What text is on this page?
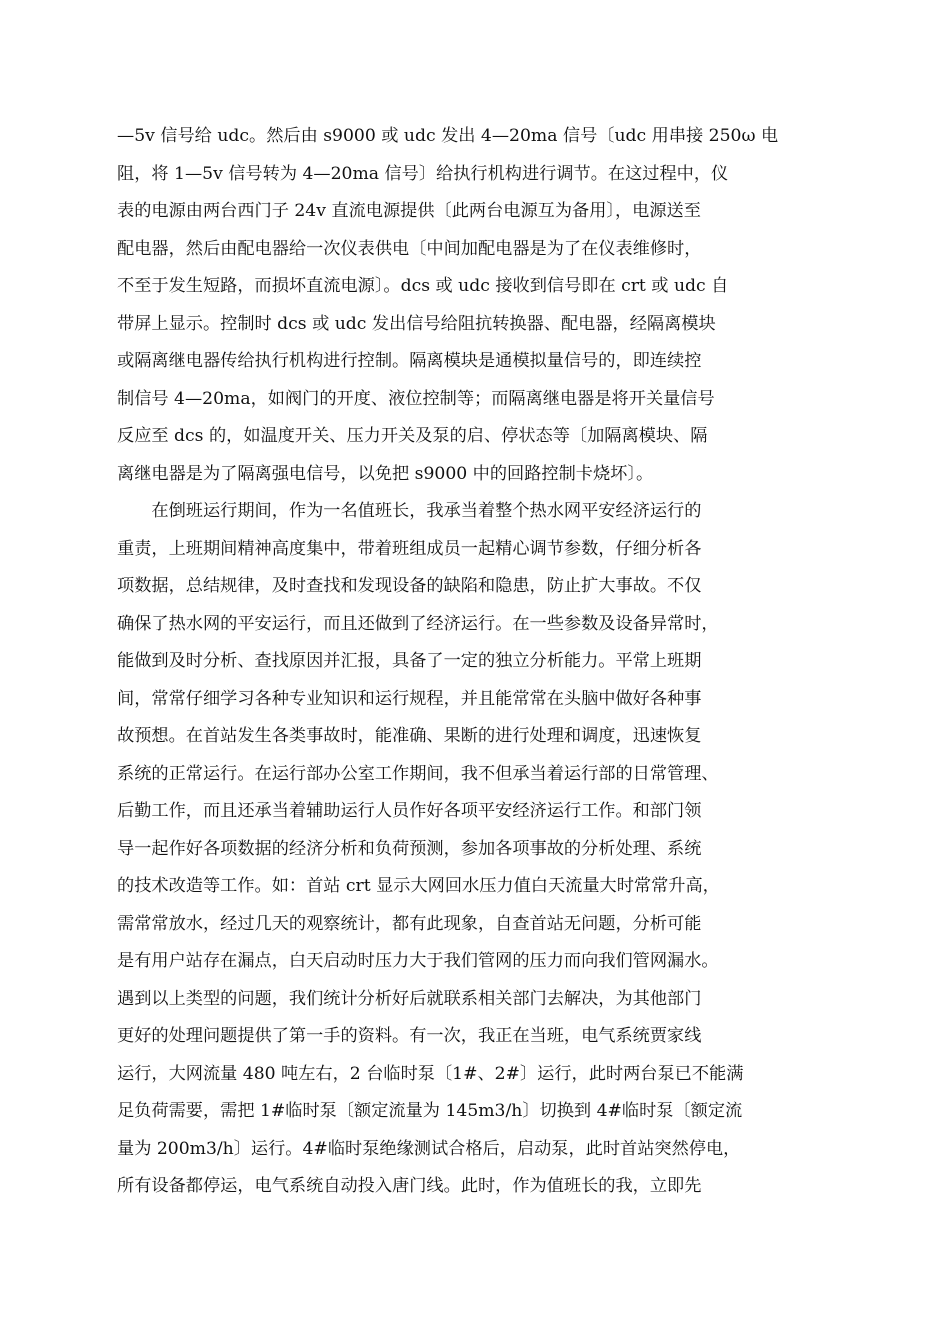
—5v 信号给 udc。然后由 s9000 或 udc 发出 4—20ma 信号〔udc 用串接 250ω 电
阻，将 1—5v 信号转为 4—20ma 信号〕给执行机构进行调节。在这过程中，仪
表的电源由两台西门子 24v 直流电源提供〔此两台电源互为备用〕，电源送至
配电器，然后由配电器给一次仪表供电〔中间加配电器是为了在仪表维修时，
不至于发生短路，而损坏直流电源〕。dcs 或 udc 接收到信号即在 crt 或 udc 自
带屏上显示。控制时 dcs 或 udc 发出信号给阻抗转换器、配电器，经隔离模块
或隔离继电器传给执行机构进行控制。隔离模块是通模拟量信号的，即连续控
制信号 4—20ma，如阀门的开度、液位控制等；而隔离继电器是将开关量信号
反应至 dcs 的，如温度开关、压力开关及泵的启、停状态等〔加隔离模块、隔
离继电器是为了隔离强电信号，以免把 s9000 中的回路控制卡烧坏〕。
　　在倒班运行期间，作为一名值班长，我承当着整个热水网平安经济运行的
重责，上班期间精神高度集中，带着班组成员一起精心调节参数，仔细分析各
项数据，总结规律，及时查找和发现设备的缺陷和隐患，防止扩大事故。不仅
确保了热水网的平安运行，而且还做到了经济运行。在一些参数及设备异常时，
能做到及时分析、查找原因并汇报，具备了一定的独立分析能力。平常上班期
间，常常仔细学习各种专业知识和运行规程，并且能常常在头脑中做好各种事
故预想。在首站发生各类事故时，能准确、果断的进行处理和调度，迅速恢复
系统的正常运行。在运行部办公室工作期间，我不但承当着运行部的日常管理、
后勤工作，而且还承当着辅助运行人员作好各项平安经济运行工作。和部门领
导一起作好各项数据的经济分析和负荷预测，参加各项事故的分析处理、系统
的技术改造等工作。如：首站 crt 显示大网回水压力值白天流量大时常常升高，
需常常放水，经过几天的观察统计，都有此现象，自查首站无问题，分析可能
是有用户站存在漏点，白天启动时压力大于我们管网的压力而向我们管网漏水。
遇到以上类型的问题，我们统计分析好后就联系相关部门去解决，为其他部门
更好的处理问题提供了第一手的资料。有一次，我正在当班，电气系统贾家线
运行，大网流量 480 吨左右，2 台临时泵〔1#、2#〕运行，此时两台泵已不能满
足负荷需要，需把 1#临时泵〔额定流量为 145m3/h〕切换到 4#临时泵〔额定流
量为 200m3/h〕运行。4#临时泵绝缘测试合格后，启动泵，此时首站突然停电，
所有设备都停运，电气系统自动投入唐门线。此时，作为值班长的我，立即先
